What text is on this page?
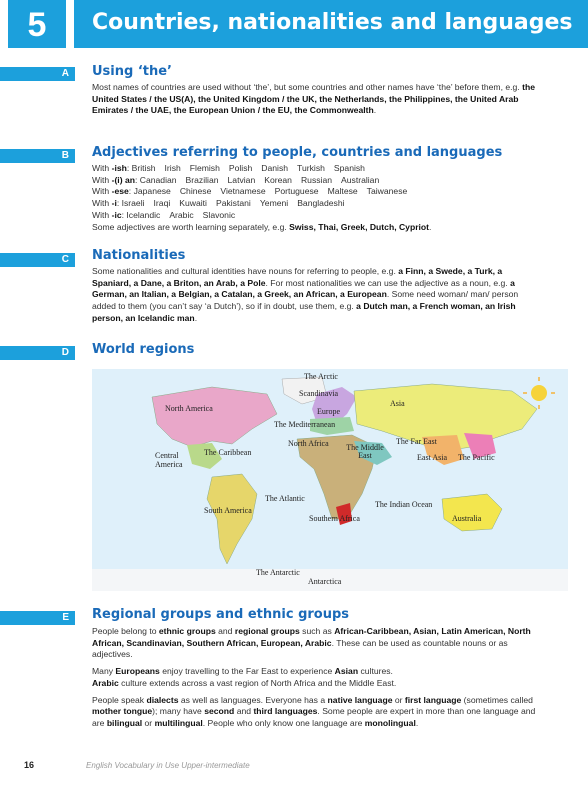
5	Countries, nationalities and languages
A	Using ‘the’
Most names of countries are used without ‘the’, but some countries and other names have ‘the’ before them, e.g. the United States / the US(A), the United Kingdom / the UK, the Netherlands, the Philippines, the United Arab Emirates / the UAE, the European Union / the EU, the Commonwealth.
B	Adjectives referring to people, countries and languages
With -ish: British Irish Flemish Polish Danish Turkish Spanish
With -(i) an: Canadian Brazilian Latvian Korean Russian Australian
With -ese: Japanese Chinese Vietnamese Portuguese Maltese Taiwanese
With -i: Israeli Iraqi Kuwaiti Pakistani Yemeni Bangladeshi
With -ic: Icelandic Arabic Slavonic
Some adjectives are worth learning separately, e.g. Swiss, Thai, Greek, Dutch, Cypriot.
C	Nationalities
Some nationalities and cultural identities have nouns for referring to people, e.g. a Finn, a Swede, a Turk, a Spaniard, a Dane, a Briton, an Arab, a Pole. For most nationalities we can use the adjective as a noun, e.g. a German, an Italian, a Belgian, a Catalan, a Greek, an African, a European. Some need woman/ man/ person added to them (you can’t say ‘a Dutch’), so if in doubt, use them, e.g. a Dutch man, a French woman, an Irish person, an Icelandic man.
D	World regions
The Arctic
Scandinavia
Asia
North America	Europe
The Mediterranean
North Africa	The Middle East
The Far East
Central America
The Caribbean
East Asia The Pacific
The Atlantic
South America
The Indian Ocean
Southern Africa	Australia
The Antarctic
Antarctica
E	Regional groups and ethnic groups
People belong to ethnic groups and regional groups such as African-Caribbean, Asian, Latin American, North African, Scandinavian, Southern African, European, Arabic. These can be used as countable nouns or as adjectives.
Many Europeans enjoy travelling to the Far East to experience Asian cultures.
Arabic culture extends across a vast region of North Africa and the Middle East.
People speak dialects as well as languages. Everyone has a native language or first language (sometimes called mother tongue); many have second and third languages. Some people are expert in more than one language and are bilingual or multilingual. People who only know one language are monolingual.
16	English Vocabulary in Use Upper-intermediate
